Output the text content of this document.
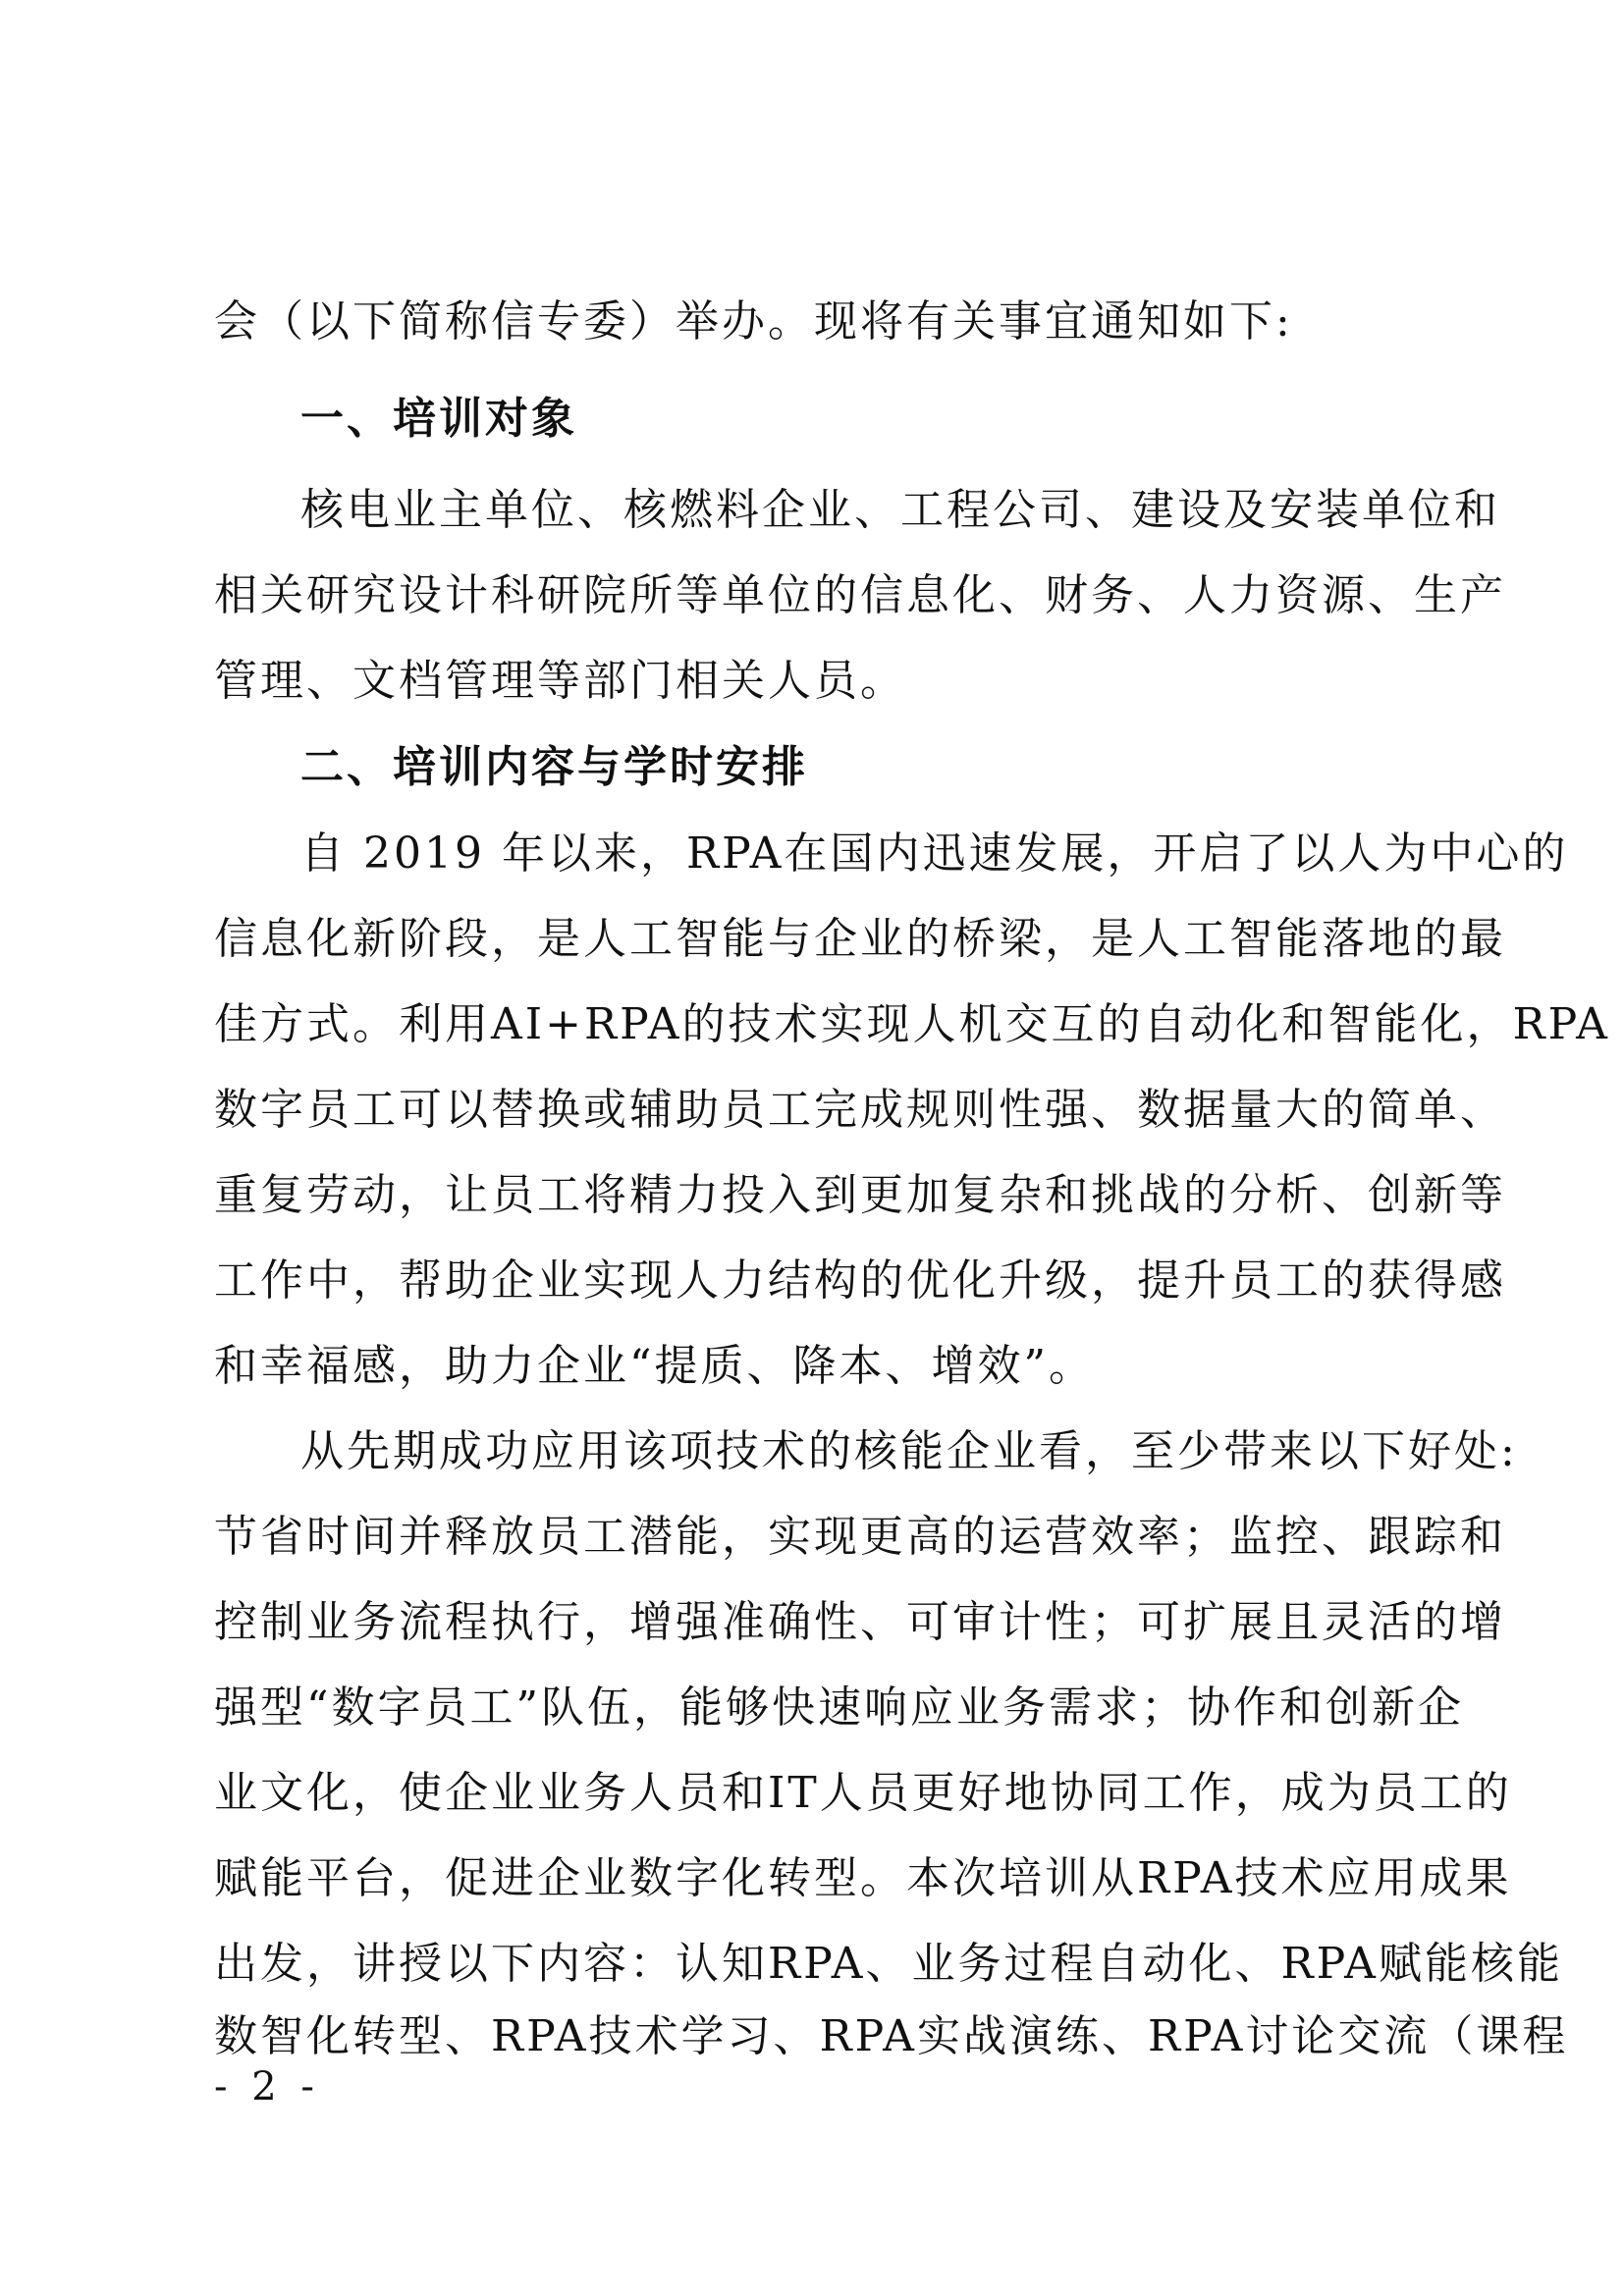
会（以下简称信专委）举办。现将有关事宜通知如下:
一、培训对象
核电业主单位、核燃料企业、工程公司、建设及安装单位和
相关研究设计科研院所等单位的信息化、财务、人力资源、生产
管理、文档管理等部门相关人员。
二、培训内容与学时安排
自 2019 年以来，RPA在国内迅速发展，开启了以人为中心的
信息化新阶段，是人工智能与企业的桥梁，是人工智能落地的最
佳方式。利用AI+RPA的技术实现人机交互的自动化和智能化，RPA
数字员工可以替换或辅助员工完成规则性强、数据量大的简单、
重复劳动，让员工将精力投入到更加复杂和挑战的分析、创新等
工作中，帮助企业实现人力结构的优化升级，提升员工的获得感
和幸福感，助力企业“提质、降本、增效”。
从先期成功应用该项技术的核能企业看，至少带来以下好处:
节省时间并释放员工潜能，实现更高的运营效率；监控、跟踪和
控制业务流程执行，增强准确性、可审计性；可扩展且灵活的增
强型“数字员工”队伍，能够快速响应业务需求；协作和创新企
业文化，使企业业务人员和IT人员更好地协同工作，成为员工的
赋能平台，促进企业数字化转型。本次培训从RPA技术应用成果
出发，讲授以下内容：认知RPA、业务过程自动化、RPA赋能核能
数智化转型、RPA技术学习、RPA实战演练、RPA讨论交流（课程
- 2 -
